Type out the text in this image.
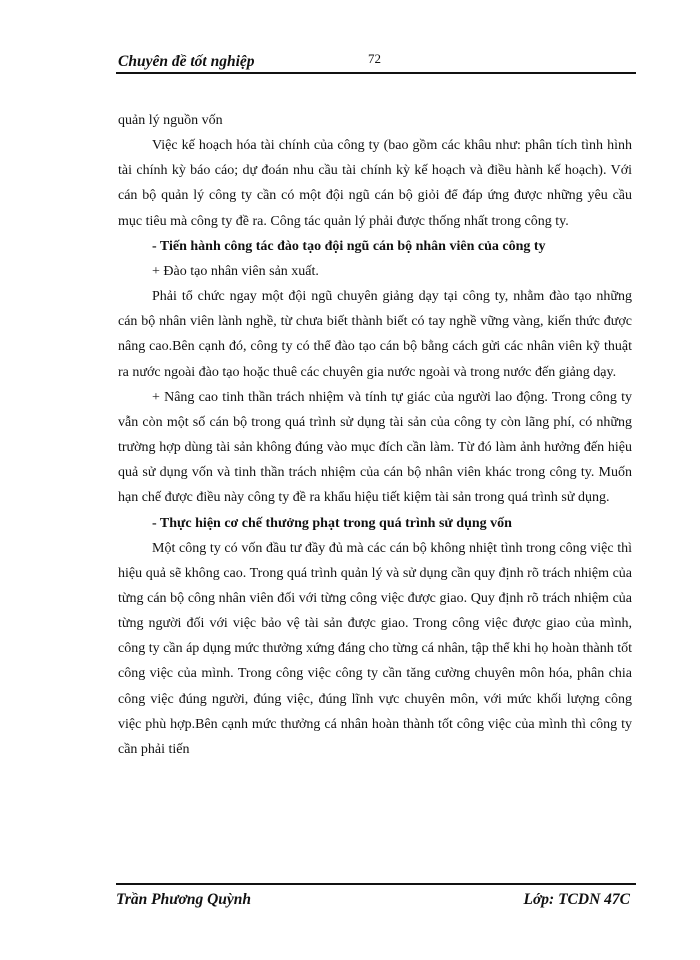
Chuyên đề tốt nghiệp	72

quản lý nguồn vốn

Việc kế hoạch hóa tài chính của công ty (bao gồm các khâu như: phân tích tình hình tài chính kỳ báo cáo; dự đoán nhu cầu tài chính kỳ kế hoạch và điều hành kế hoạch). Với cán bộ quản lý công ty cần có một đội ngũ cán bộ giỏi để đáp ứng được những yêu cầu mục tiêu mà công ty đề ra. Công tác quản lý phải được thống nhất trong công ty.

- Tiến hành công tác đào tạo đội ngũ cán bộ nhân viên của công ty

+ Đào tạo nhân viên sản xuất.

Phải tổ chức ngay một đội ngũ chuyên giảng dạy tại công ty, nhằm đào tạo những cán bộ nhân viên lành nghề, từ chưa biết thành biết có tay nghề vững vàng, kiến thức được nâng cao.Bên cạnh đó, công ty có thể đào tạo cán bộ bằng cách gửi các nhân viên kỹ thuật ra nước ngoài đào tạo hoặc thuê các chuyên gia nước ngoài và trong nước đến giảng dạy.

+ Nâng cao tinh thần trách nhiệm và tính tự giác của người lao động. Trong công ty vẫn còn một số cán bộ trong quá trình sử dụng tài sản của công ty còn lãng phí, có những trường hợp dùng tài sản không đúng vào mục đích cần làm. Từ đó làm ảnh hưởng đến hiệu quả sử dụng vốn và tinh thần trách nhiệm của cán bộ nhân viên khác trong công ty. Muốn hạn chế được điều này công ty đề ra khẩu hiệu tiết kiệm tài sản trong quá trình sử dụng.

- Thực hiện cơ chế thưởng phạt trong quá trình sử dụng vốn

Một công ty có vốn đầu tư đầy đủ mà các cán bộ không nhiệt tình trong công việc thì hiệu quả sẽ không cao. Trong quá trình quản lý và sử dụng cần quy định rõ trách nhiệm của từng cán bộ công nhân viên đối với từng công việc được giao. Quy định rõ trách nhiệm của từng người đối với việc bảo vệ tài sản được giao. Trong công việc được giao của mình, công ty cần áp dụng mức thưởng xứng đáng cho từng cá nhân, tập thể khi họ hoàn thành tốt công việc của mình. Trong công việc công ty cần tăng cường chuyên môn hóa, phân chia công việc đúng người, đúng việc, đúng lĩnh vực chuyên môn, với mức khối lượng công việc phù hợp.Bên cạnh mức thưởng cá nhân hoàn thành tốt công việc của mình thì công ty cần phải tiến

Trần Phương Quỳnh	Lớp: TCDN 47C
